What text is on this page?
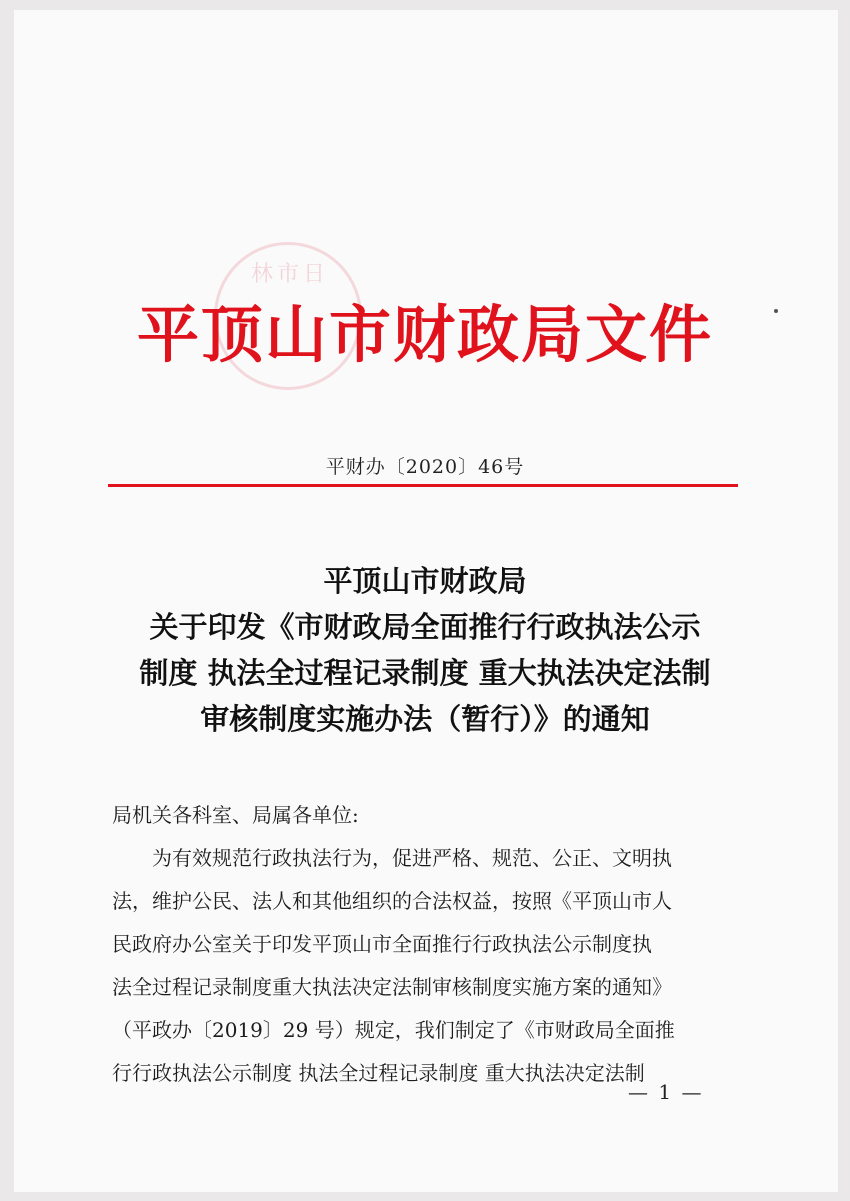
林市日
平顶山市财政局文件
平财办〔2020〕46号
平顶山市财政局
关于印发《市财政局全面推行行政执法公示
制度 执法全过程记录制度 重大执法决定法制
审核制度实施办法（暂行）》的通知
局机关各科室、局属各单位:
为有效规范行政执法行为，促进严格、规范、公正、文明执
法，维护公民、法人和其他组织的合法权益，按照《平顶山市人
民政府办公室关于印发平顶山市全面推行行政执法公示制度执
法全过程记录制度重大执法决定法制审核制度实施方案的通知》
（平政办〔2019〕29 号）规定，我们制定了《市财政局全面推
行行政执法公示制度 执法全过程记录制度 重大执法决定法制
— 1 —
